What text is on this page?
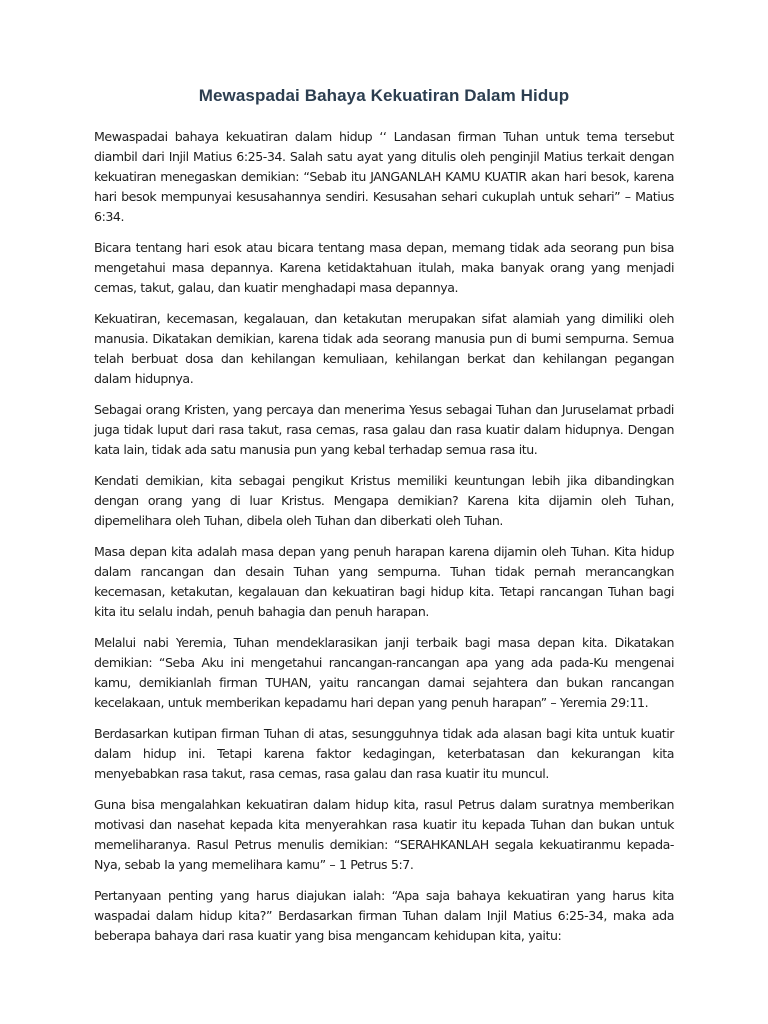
Mewaspadai Bahaya Kekuatiran Dalam Hidup

Mewaspadai bahaya kekuatiran dalam hidup ‘‘ Landasan firman Tuhan untuk tema tersebut diambil dari Injil Matius 6:25-34. Salah satu ayat yang ditulis oleh penginjil Matius terkait dengan kekuatiran menegaskan demikian: “Sebab itu JANGANLAH KAMU KUATIR akan hari besok, karena hari besok mempunyai kesusahannya sendiri. Kesusahan sehari cukuplah untuk sehari” – Matius 6:34.

Bicara tentang hari esok atau bicara tentang masa depan, memang tidak ada seorang pun bisa mengetahui masa depannya. Karena ketidaktahuan itulah, maka banyak orang yang menjadi cemas, takut, galau, dan kuatir menghadapi masa depannya.

Kekuatiran, kecemasan, kegalauan, dan ketakutan merupakan sifat alamiah yang dimiliki oleh manusia. Dikatakan demikian, karena tidak ada seorang manusia pun di bumi sempurna. Semua telah berbuat dosa dan kehilangan kemuliaan, kehilangan berkat dan kehilangan pegangan dalam hidupnya.

Sebagai orang Kristen, yang percaya dan menerima Yesus sebagai Tuhan dan Juruselamat prbadi juga tidak luput dari rasa takut, rasa cemas, rasa galau dan rasa kuatir dalam hidupnya. Dengan kata lain, tidak ada satu manusia pun yang kebal terhadap semua rasa itu.

Kendati demikian, kita sebagai pengikut Kristus memiliki keuntungan lebih jika dibandingkan dengan orang yang di luar Kristus. Mengapa demikian? Karena kita dijamin oleh Tuhan, dipemelihara oleh Tuhan, dibela oleh Tuhan dan diberkati oleh Tuhan.

Masa depan kita adalah masa depan yang penuh harapan karena dijamin oleh Tuhan. Kita hidup dalam rancangan dan desain Tuhan yang sempurna. Tuhan tidak pernah merancangkan kecemasan, ketakutan, kegalauan dan kekuatiran bagi hidup kita. Tetapi rancangan Tuhan bagi kita itu selalu indah, penuh bahagia dan penuh harapan.

Melalui nabi Yeremia, Tuhan mendeklarasikan janji terbaik bagi masa depan kita. Dikatakan demikian: “Seba Aku ini mengetahui rancangan-rancangan apa yang ada pada-Ku mengenai kamu, demikianlah firman TUHAN, yaitu rancangan damai sejahtera dan bukan rancangan kecelakaan, untuk memberikan kepadamu hari depan yang penuh harapan” – Yeremia 29:11.

Berdasarkan kutipan firman Tuhan di atas, sesungguhnya tidak ada alasan bagi kita untuk kuatir dalam hidup ini. Tetapi karena faktor kedagingan, keterbatasan dan kekurangan kita menyebabkan rasa takut, rasa cemas, rasa galau dan rasa kuatir itu muncul.

Guna bisa mengalahkan kekuatiran dalam hidup kita, rasul Petrus dalam suratnya memberikan motivasi dan nasehat kepada kita menyerahkan rasa kuatir itu kepada Tuhan dan bukan untuk memeliharanya. Rasul Petrus menulis demikian: “SERAHKANLAH segala kekuatiranmu kepada-Nya, sebab Ia yang memelihara kamu” – 1 Petrus 5:7.

Pertanyaan penting yang harus diajukan ialah: “Apa saja bahaya kekuatiran yang harus kita waspadai dalam hidup kita?” Berdasarkan firman Tuhan dalam Injil Matius 6:25-34, maka ada beberapa bahaya dari rasa kuatir yang bisa mengancam kehidupan kita, yaitu:
